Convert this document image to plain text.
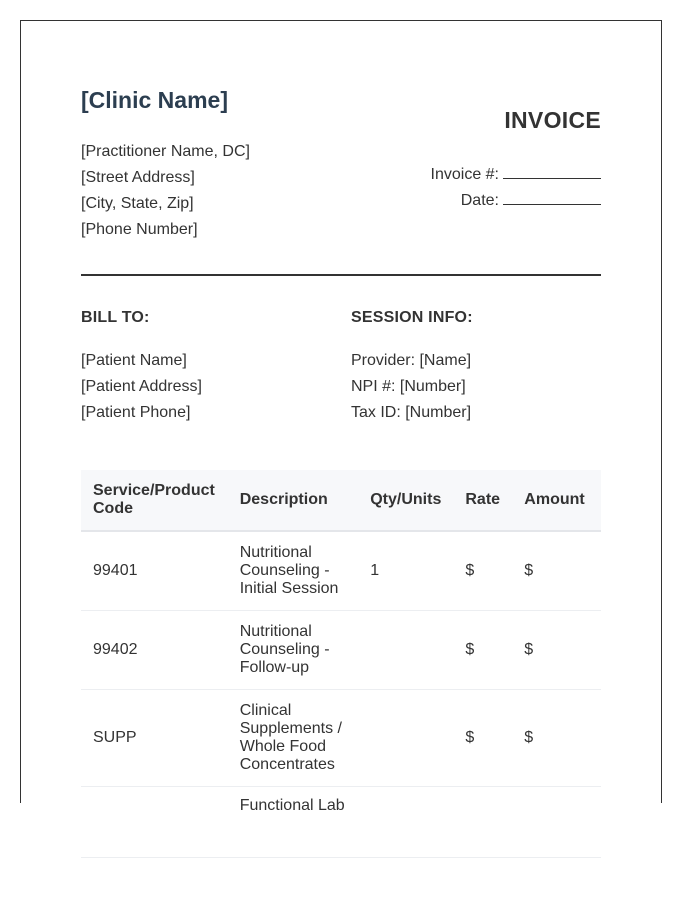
[Clinic Name]
[Practitioner Name, DC]
[Street Address]
[City, State, Zip]
[Phone Number]
INVOICE
Invoice #:
Date:
BILL TO:
[Patient Name]
[Patient Address]
[Patient Phone]
SESSION INFO:
Provider: [Name]
NPI #: [Number]
Tax ID: [Number]
Service/Product Code	Description	Qty/Units	Rate	Amount
99401	Nutritional Counseling - Initial Session	1	$	$
99402	Nutritional Counseling - Follow-up		$	$
SUPP	Clinical Supplements / Whole Food Concentrates		$	$
	Functional Lab			
